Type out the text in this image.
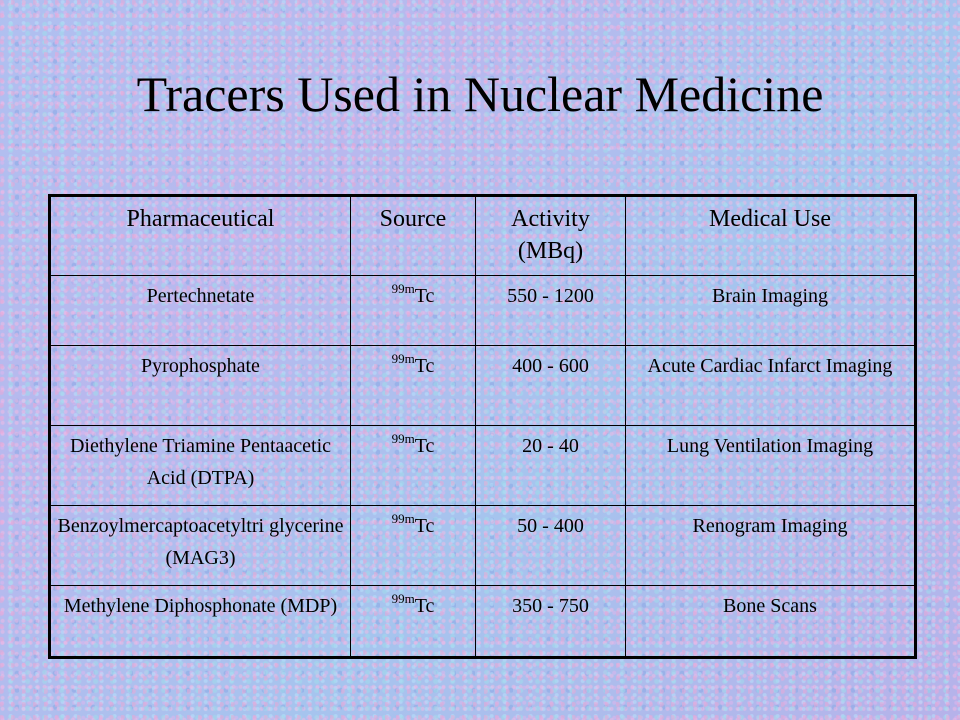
Tracers Used in Nuclear Medicine
Pharmaceutical	Source	Activity (MBq)	Medical Use
Pertechnetate	$^{99m}$Tc	550 - 1200	Brain Imaging
Pyrophosphate	$^{99m}$Tc	400 - 600	Acute Cardiac Infarct Imaging
Diethylene Triamine Pentaacetic Acid (DTPA)	$^{99m}$Tc	20 - 40	Lung Ventilation Imaging
Benzoylmercaptoacetyltri glycerine (MAG3)	$^{99m}$Tc	50 - 400	Renogram Imaging
Methylene Diphosphonate (MDP)	$^{99m}$Tc	350 - 750	Bone Scans
